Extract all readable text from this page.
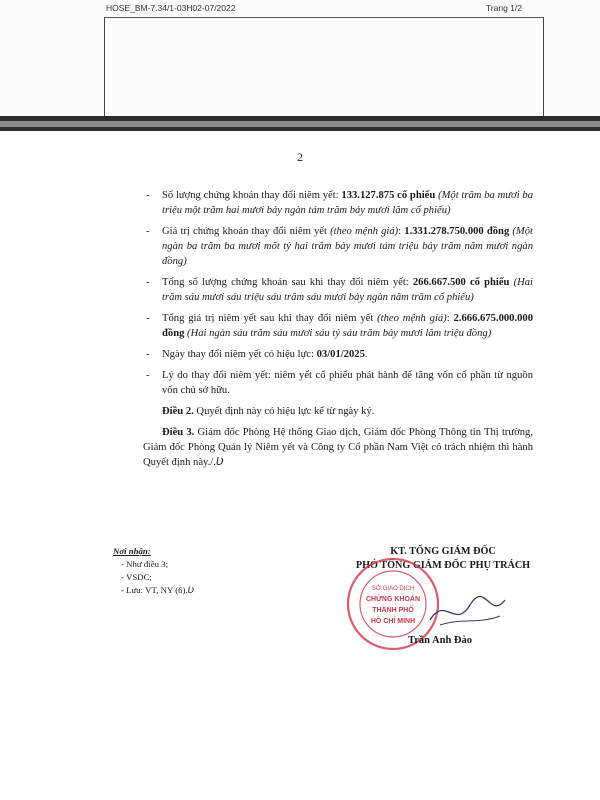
HOSE_BM-7.34/1-03H02-07/2022	Trang 1/2
2
- Số lượng chứng khoán thay đổi niêm yết: 133.127.875 cổ phiếu (Một trăm ba mươi ba triệu một trăm hai mươi bảy ngàn tám trăm bảy mươi lăm cổ phiếu)
- Giá trị chứng khoán thay đổi niêm yết (theo mệnh giá): 1.331.278.750.000 đồng (Một ngàn ba trăm ba mươi mốt tỷ hai trăm bảy mươi tám triệu bảy trăm năm mươi ngàn đồng)
- Tổng số lượng chứng khoán sau khi thay đổi niêm yết: 266.667.500 cổ phiếu (Hai trăm sáu mươi sáu triệu sáu trăm sáu mươi bảy ngàn năm trăm cổ phiếu)
- Tổng giá trị niêm yết sau khi thay đổi niêm yết (theo mệnh giá): 2.666.675.000.000 đồng (Hai ngàn sáu trăm sáu mươi sáu tỷ sáu trăm bảy mươi lăm triệu đồng)
- Ngày thay đổi niêm yết có hiệu lực: 03/01/2025.
- Lý do thay đổi niêm yết: niêm yết cổ phiếu phát hành để tăng vốn cổ phần từ nguồn vốn chủ sở hữu.
Điều 2. Quyết định này có hiệu lực kể từ ngày ký.
Điều 3. Giám đốc Phòng Hệ thống Giao dịch, Giám đốc Phòng Thông tin Thị trường, Giám đốc Phòng Quản lý Niêm yết và Công ty Cổ phần Nam Việt có trách nhiệm thi hành Quyết định này./.Ʋ
Nơi nhận:
- Như điều 3;
- VSDC;
- Lưu: VT, NY (6).Ʋ
KT. TỔNG GIÁM ĐỐC
PHÓ TỔNG GIÁM ĐỐC PHỤ TRÁCH
SỞ GIAO DỊCH
CHỨNG KHOÁN
THÀNH PHỐ
HỒ CHÍ MINH
Trần Anh Đào
